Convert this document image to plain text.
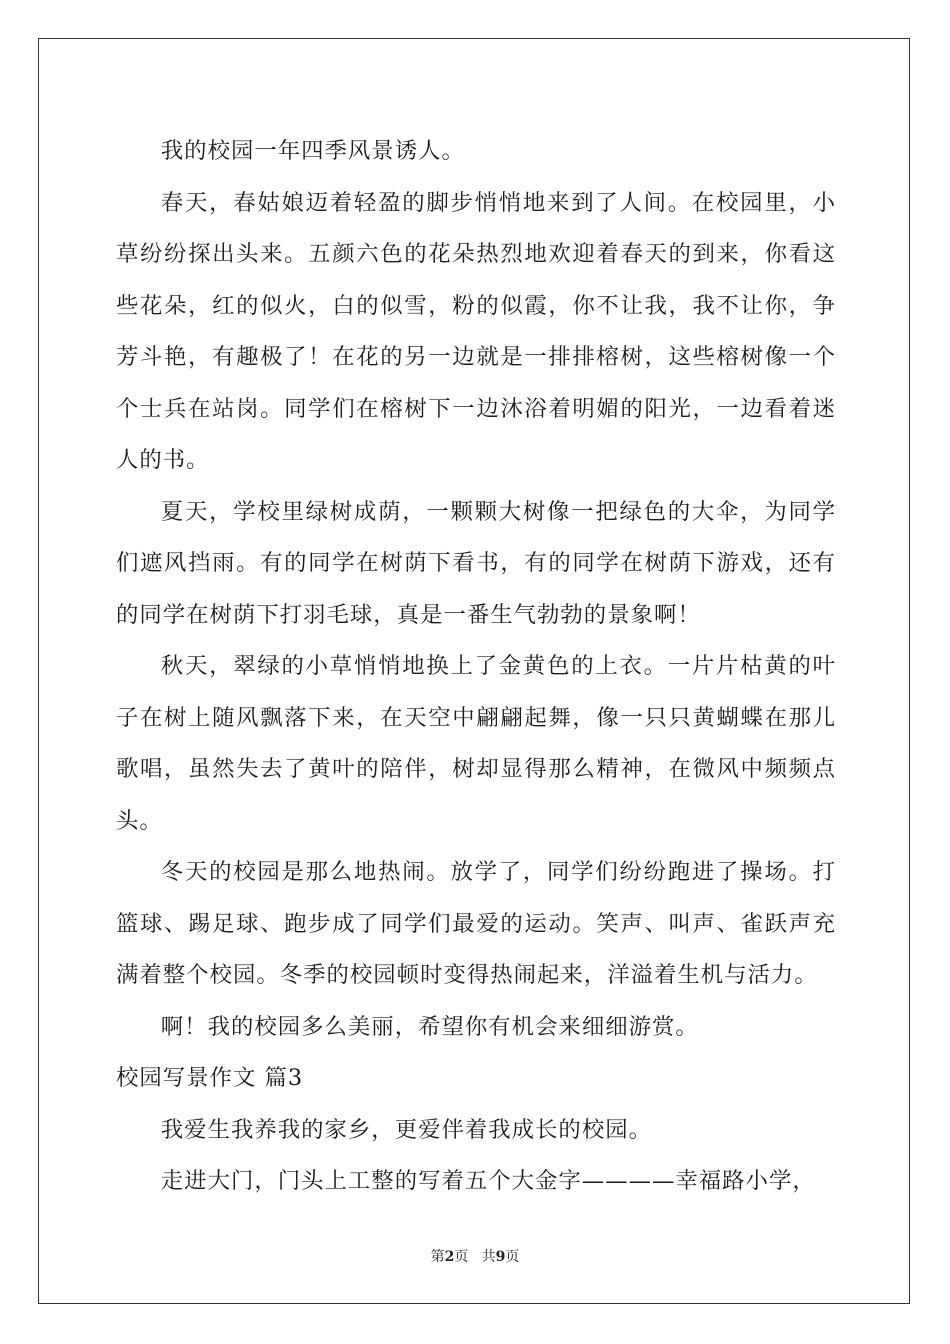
我的校园一年四季风景诱人。

春天，春姑娘迈着轻盈的脚步悄悄地来到了人间。在校园里，小草纷纷探出头来。五颜六色的花朵热烈地欢迎着春天的到来，你看这些花朵，红的似火，白的似雪，粉的似霞，你不让我，我不让你，争芳斗艳，有趣极了！在花的另一边就是一排排榕树，这些榕树像一个个士兵在站岗。同学们在榕树下一边沐浴着明媚的阳光，一边看着迷人的书。

夏天，学校里绿树成荫，一颗颗大树像一把绿色的大伞，为同学们遮风挡雨。有的同学在树荫下看书，有的同学在树荫下游戏，还有的同学在树荫下打羽毛球，真是一番生气勃勃的景象啊！

秋天，翠绿的小草悄悄地换上了金黄色的上衣。一片片枯黄的叶子在树上随风飘落下来，在天空中翩翩起舞，像一只只黄蝴蝶在那儿歌唱，虽然失去了黄叶的陪伴，树却显得那么精神，在微风中频频点头。

冬天的校园是那么地热闹。放学了，同学们纷纷跑进了操场。打篮球、踢足球、跑步成了同学们最爱的运动。笑声、叫声、雀跃声充满着整个校园。冬季的校园顿时变得热闹起来，洋溢着生机与活力。

啊！我的校园多么美丽，希望你有机会来细细游赏。

校园写景作文 篇3

我爱生我养我的家乡，更爱伴着我成长的校园。

走进大门，门头上工整的写着五个大金字————幸福路小学，

第2页 共9页
